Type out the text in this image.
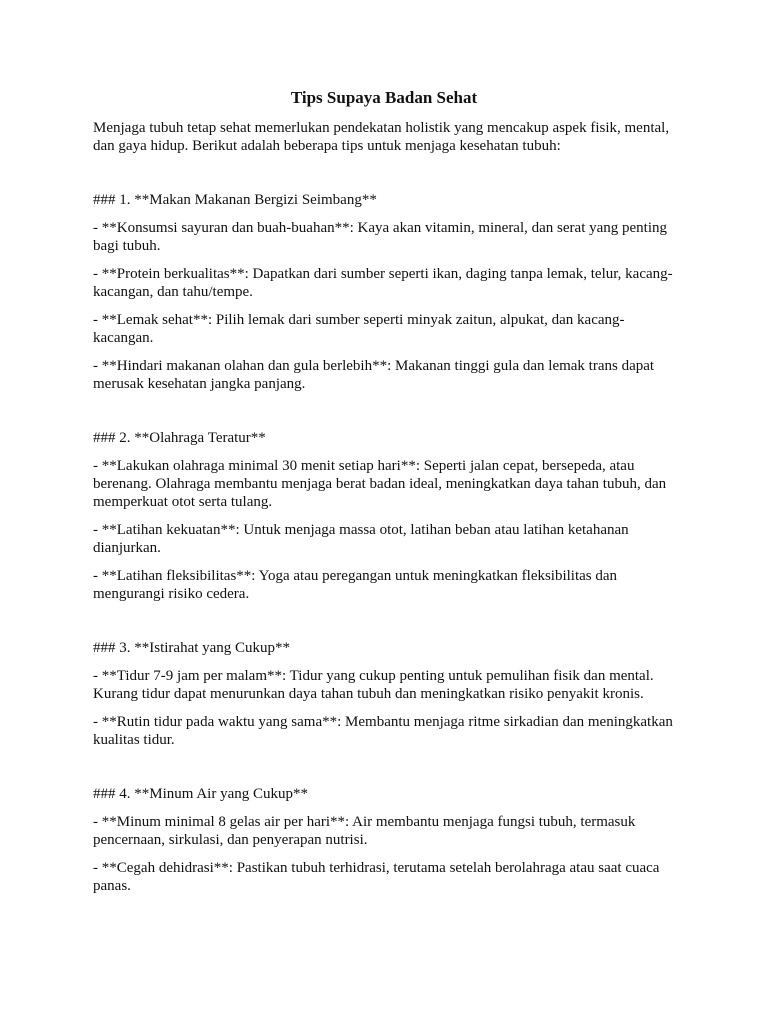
Tips Supaya Badan Sehat

Menjaga tubuh tetap sehat memerlukan pendekatan holistik yang mencakup aspek fisik, mental, dan gaya hidup. Berikut adalah beberapa tips untuk menjaga kesehatan tubuh:

### 1. **Makan Makanan Bergizi Seimbang**

- **Konsumsi sayuran dan buah-buahan**: Kaya akan vitamin, mineral, dan serat yang penting bagi tubuh.

- **Protein berkualitas**: Dapatkan dari sumber seperti ikan, daging tanpa lemak, telur, kacang-kacangan, dan tahu/tempe.

- **Lemak sehat**: Pilih lemak dari sumber seperti minyak zaitun, alpukat, dan kacang-kacangan.

- **Hindari makanan olahan dan gula berlebih**: Makanan tinggi gula dan lemak trans dapat merusak kesehatan jangka panjang.

### 2. **Olahraga Teratur**

- **Lakukan olahraga minimal 30 menit setiap hari**: Seperti jalan cepat, bersepeda, atau berenang. Olahraga membantu menjaga berat badan ideal, meningkatkan daya tahan tubuh, dan memperkuat otot serta tulang.

- **Latihan kekuatan**: Untuk menjaga massa otot, latihan beban atau latihan ketahanan dianjurkan.

- **Latihan fleksibilitas**: Yoga atau peregangan untuk meningkatkan fleksibilitas dan mengurangi risiko cedera.

### 3. **Istirahat yang Cukup**

- **Tidur 7-9 jam per malam**: Tidur yang cukup penting untuk pemulihan fisik dan mental. Kurang tidur dapat menurunkan daya tahan tubuh dan meningkatkan risiko penyakit kronis.

- **Rutin tidur pada waktu yang sama**: Membantu menjaga ritme sirkadian dan meningkatkan kualitas tidur.

### 4. **Minum Air yang Cukup**

- **Minum minimal 8 gelas air per hari**: Air membantu menjaga fungsi tubuh, termasuk pencernaan, sirkulasi, dan penyerapan nutrisi.

- **Cegah dehidrasi**: Pastikan tubuh terhidrasi, terutama setelah berolahraga atau saat cuaca panas.
